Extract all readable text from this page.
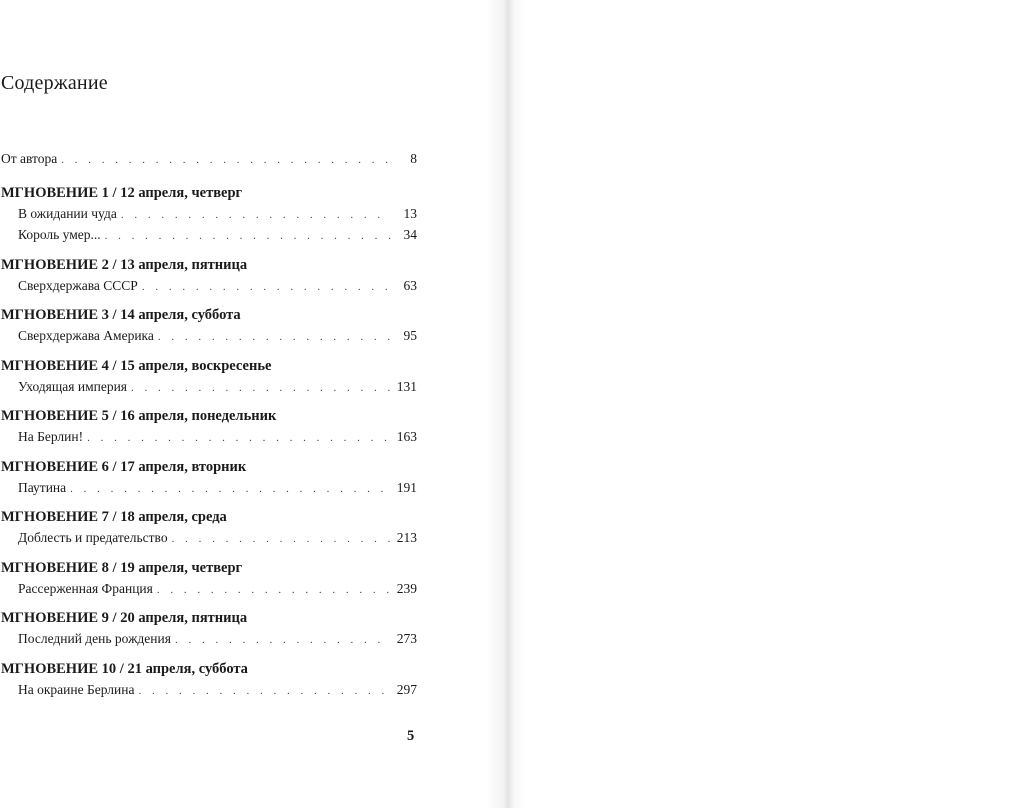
Содержание
От автора . . .	8
МГНОВЕНИЕ 1 / 12 апреля, четверг
В ожидании чуда . . .	13
Король умер... . . .	34
МГНОВЕНИЕ 2 / 13 апреля, пятница
Сверхдержава СССР . . .	63
МГНОВЕНИЕ 3 / 14 апреля, суббота
Сверхдержава Америка . . .	95
МГНОВЕНИЕ 4 / 15 апреля, воскресенье
Уходящая империя . . .	131
МГНОВЕНИЕ 5 / 16 апреля, понедельник
На Берлин! . . .	163
МГНОВЕНИЕ 6 / 17 апреля, вторник
Паутина . . .	191
МГНОВЕНИЕ 7 / 18 апреля, среда
Доблесть и предательство . . .	213
МГНОВЕНИЕ 8 / 19 апреля, четверг
Рассерженная Франция . . .	239
МГНОВЕНИЕ 9 / 20 апреля, пятница
Последний день рождения . . .	273
МГНОВЕНИЕ 10 / 21 апреля, суббота
На окраине Берлина . . .	297
5
